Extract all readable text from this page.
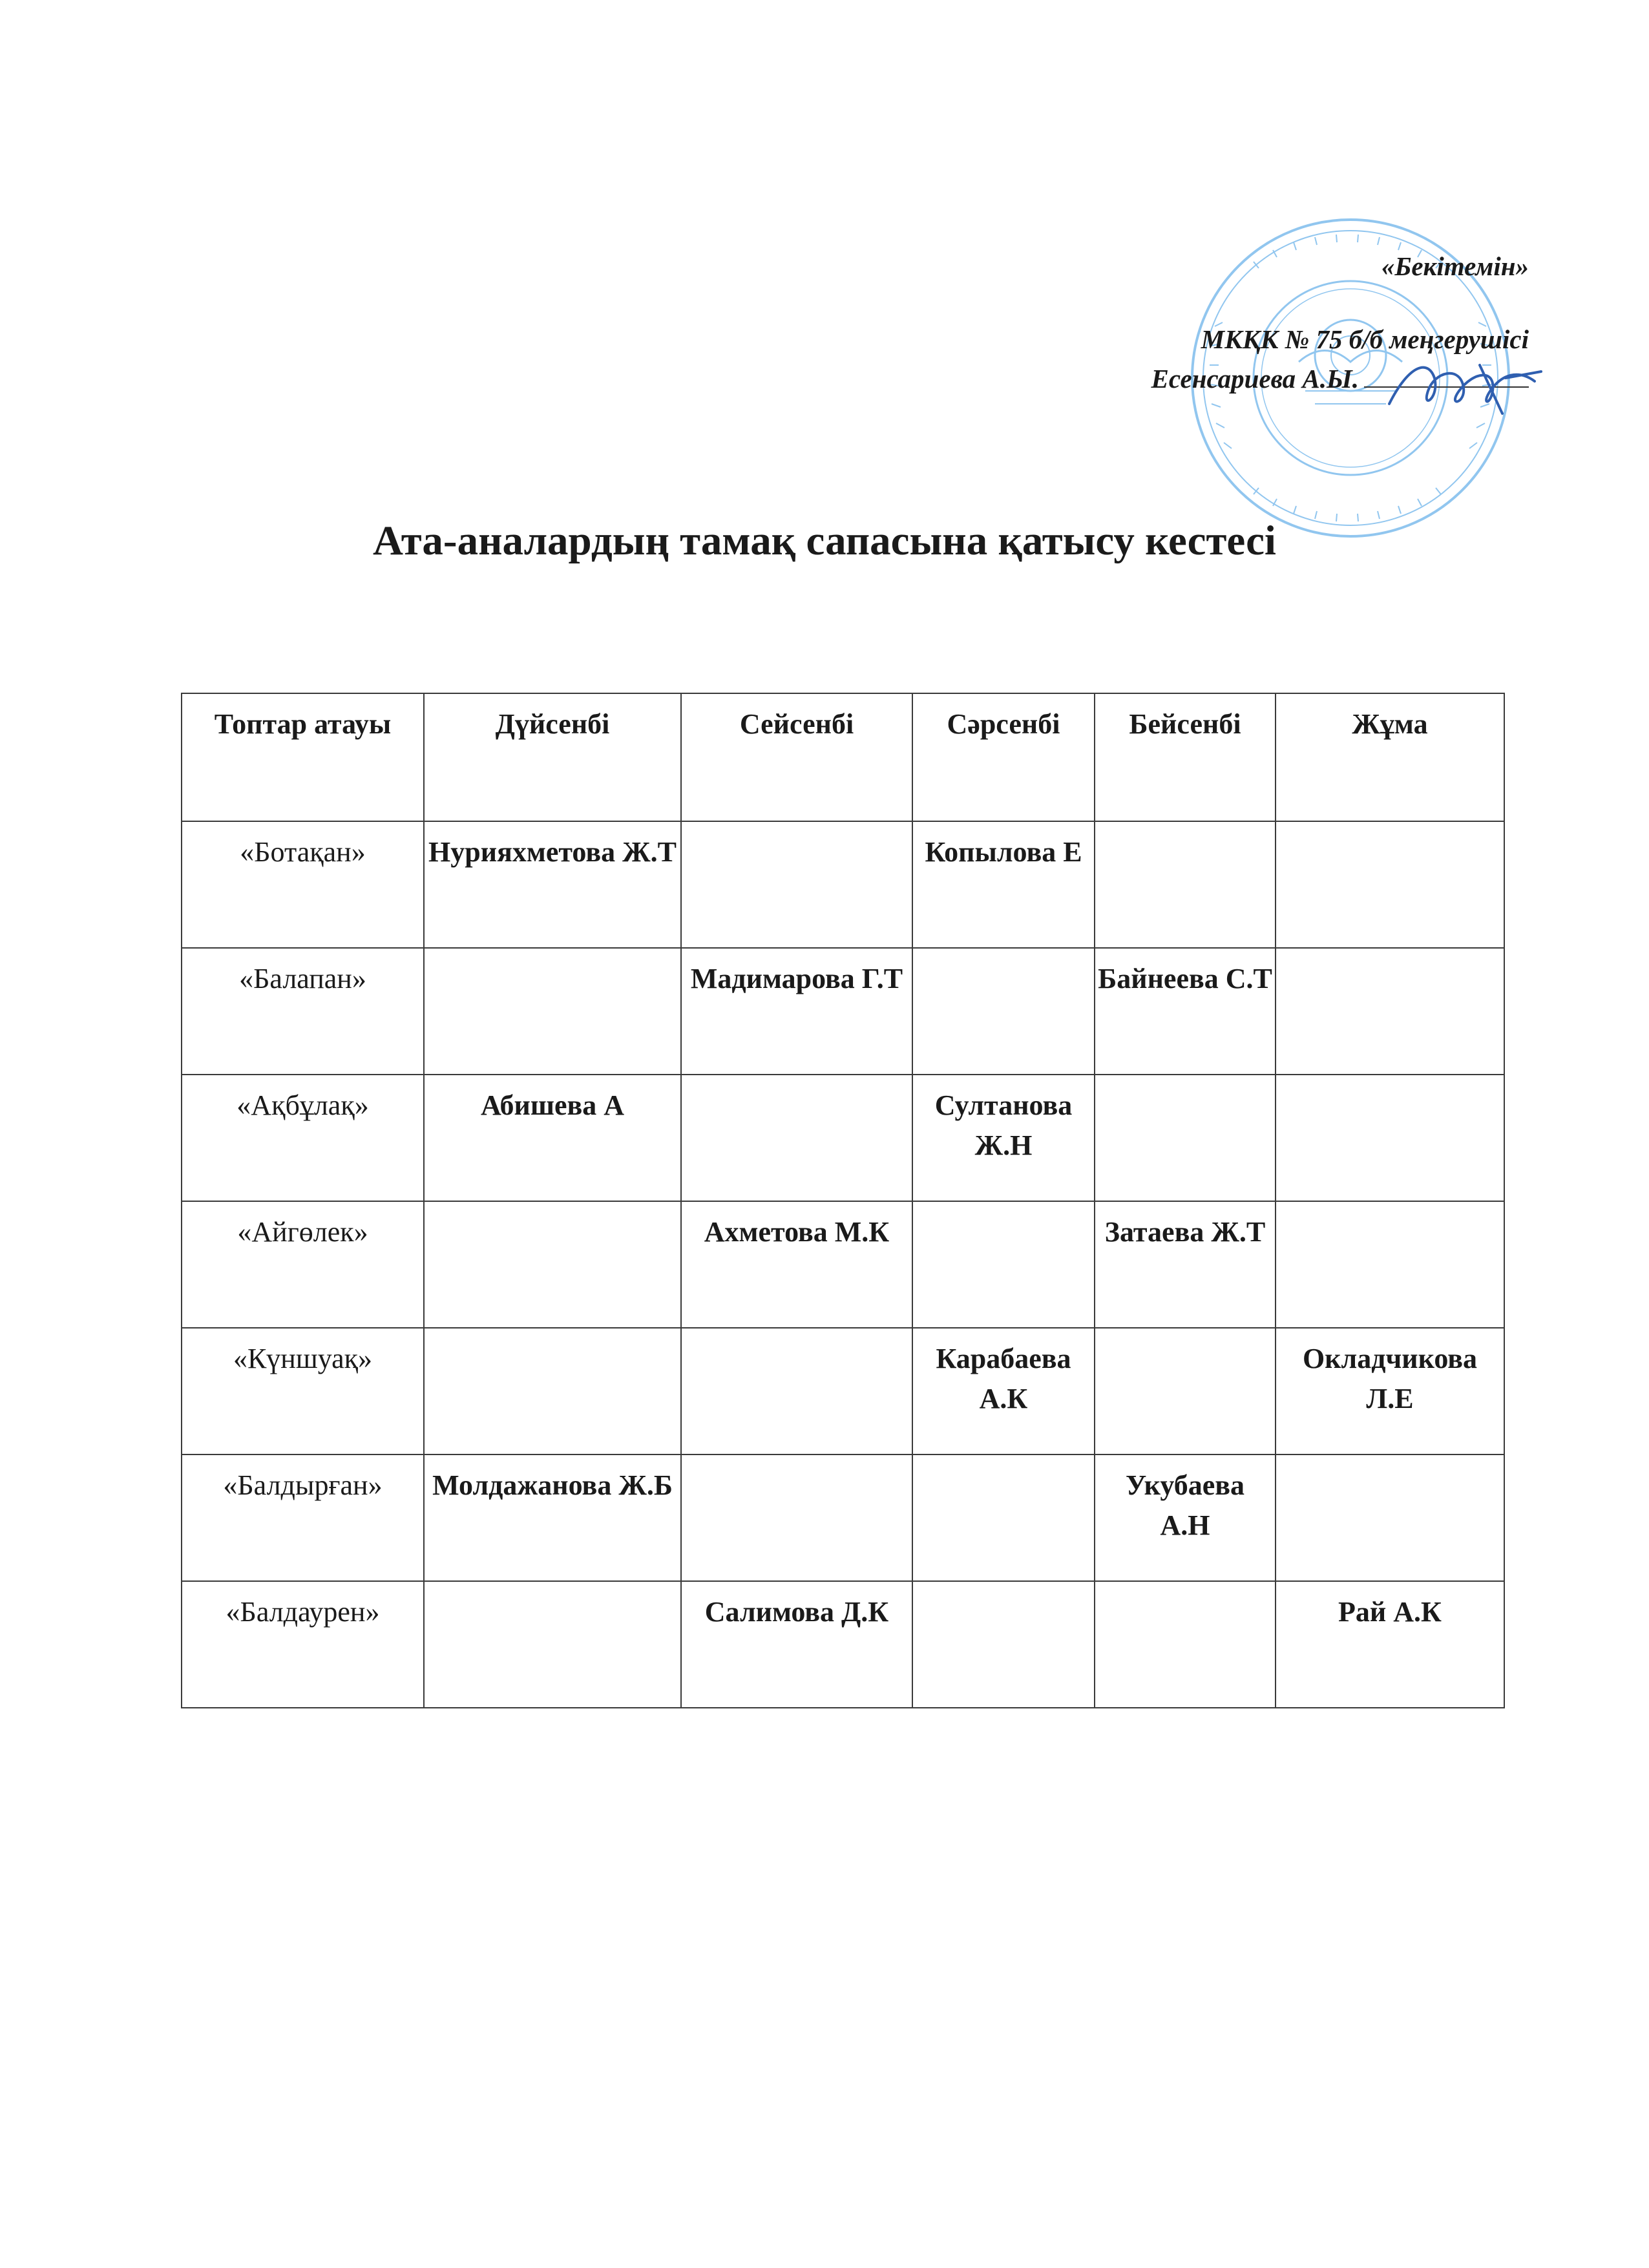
«Бекітемін»
МКҚК № 75 б/б меңгерушісі
Есенсариева А.Ы.
Ата-аналардың тамақ сапасына қатысу кестесі
Топтар атауы	Дүйсенбі	Сейсенбі	Сәрсенбі	Бейсенбі	Жұма
«Ботақан»	Нурияхметова Ж.Т		Копылова Е		
«Балапан»		Мадимарова Г.Т		Байнеева С.Т	
«Ақбұлақ»	Абишева А		Султанова Ж.Н		
«Айгөлек»		Ахметова М.К		Затаева Ж.Т	
«Күншуақ»			Карабаева А.К		Окладчикова Л.Е
«Балдырған»	Молдажанова Ж.Б			Укубаева А.Н	
«Балдаурен»		Салимова Д.К			Рай А.К
